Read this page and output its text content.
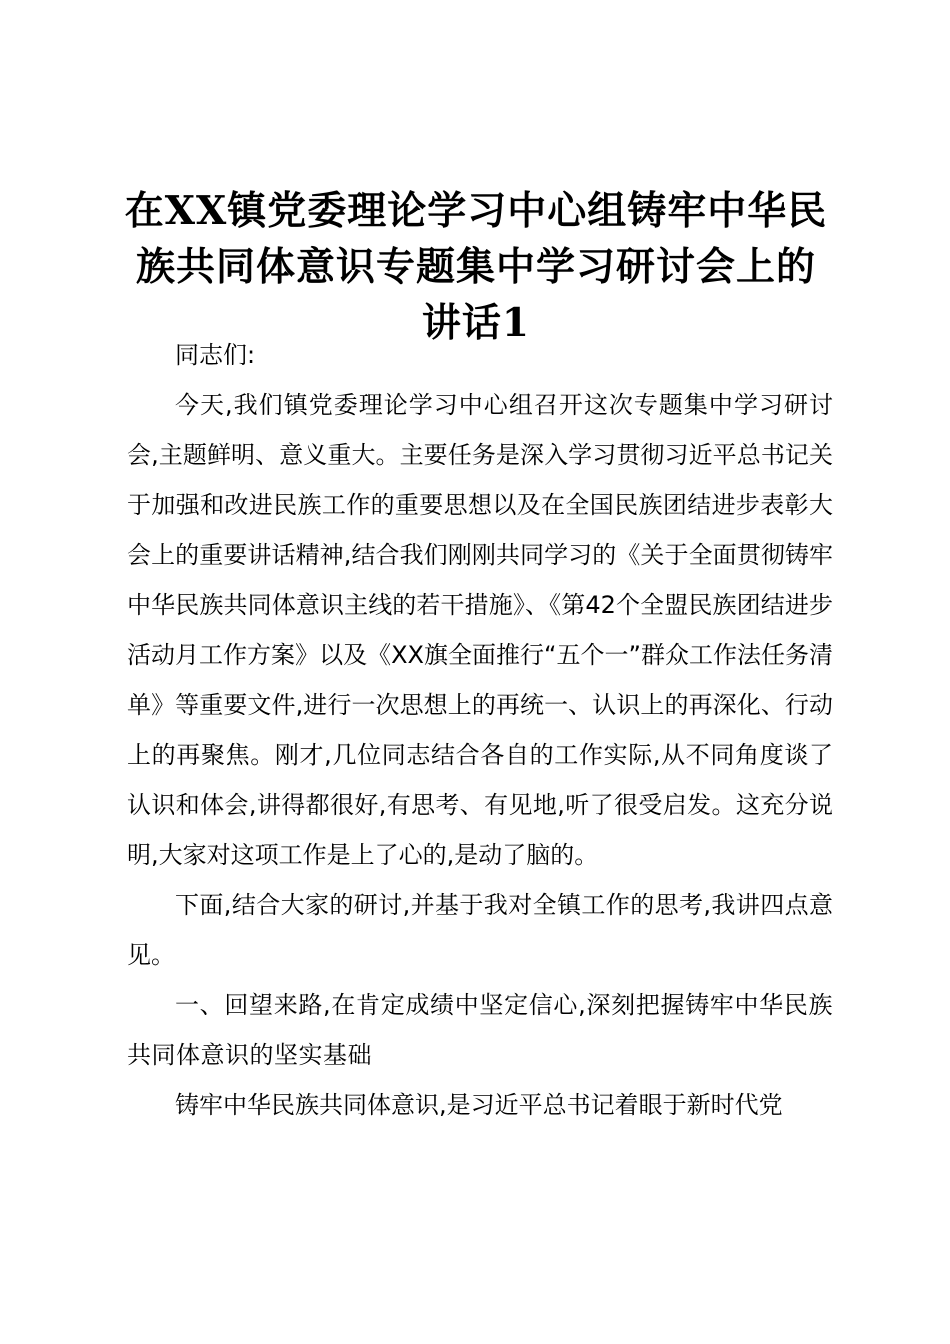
在XX镇党委理论学习中心组铸牢中华民族共同体意识专题集中学习研讨会上的讲话1

同志们:

今天,我们镇党委理论学习中心组召开这次专题集中学习研讨会,主题鲜明、意义重大。主要任务是深入学习贯彻习近平总书记关于加强和改进民族工作的重要思想以及在全国民族团结进步表彰大会上的重要讲话精神,结合我们刚刚共同学习的《关于全面贯彻铸牢中华民族共同体意识主线的若干措施》、《第42个全盟民族团结进步活动月工作方案》以及《XX旗全面推行“五个一”群众工作法任务清单》等重要文件,进行一次思想上的再统一、认识上的再深化、行动上的再聚焦。刚才,几位同志结合各自的工作实际,从不同角度谈了认识和体会,讲得都很好,有思考、有见地,听了很受启发。这充分说明,大家对这项工作是上了心的,是动了脑的。

下面,结合大家的研讨,并基于我对全镇工作的思考,我讲四点意见。

一、回望来路,在肯定成绩中坚定信心,深刻把握铸牢中华民族共同体意识的坚实基础

铸牢中华民族共同体意识,是习近平总书记着眼于新时代党
